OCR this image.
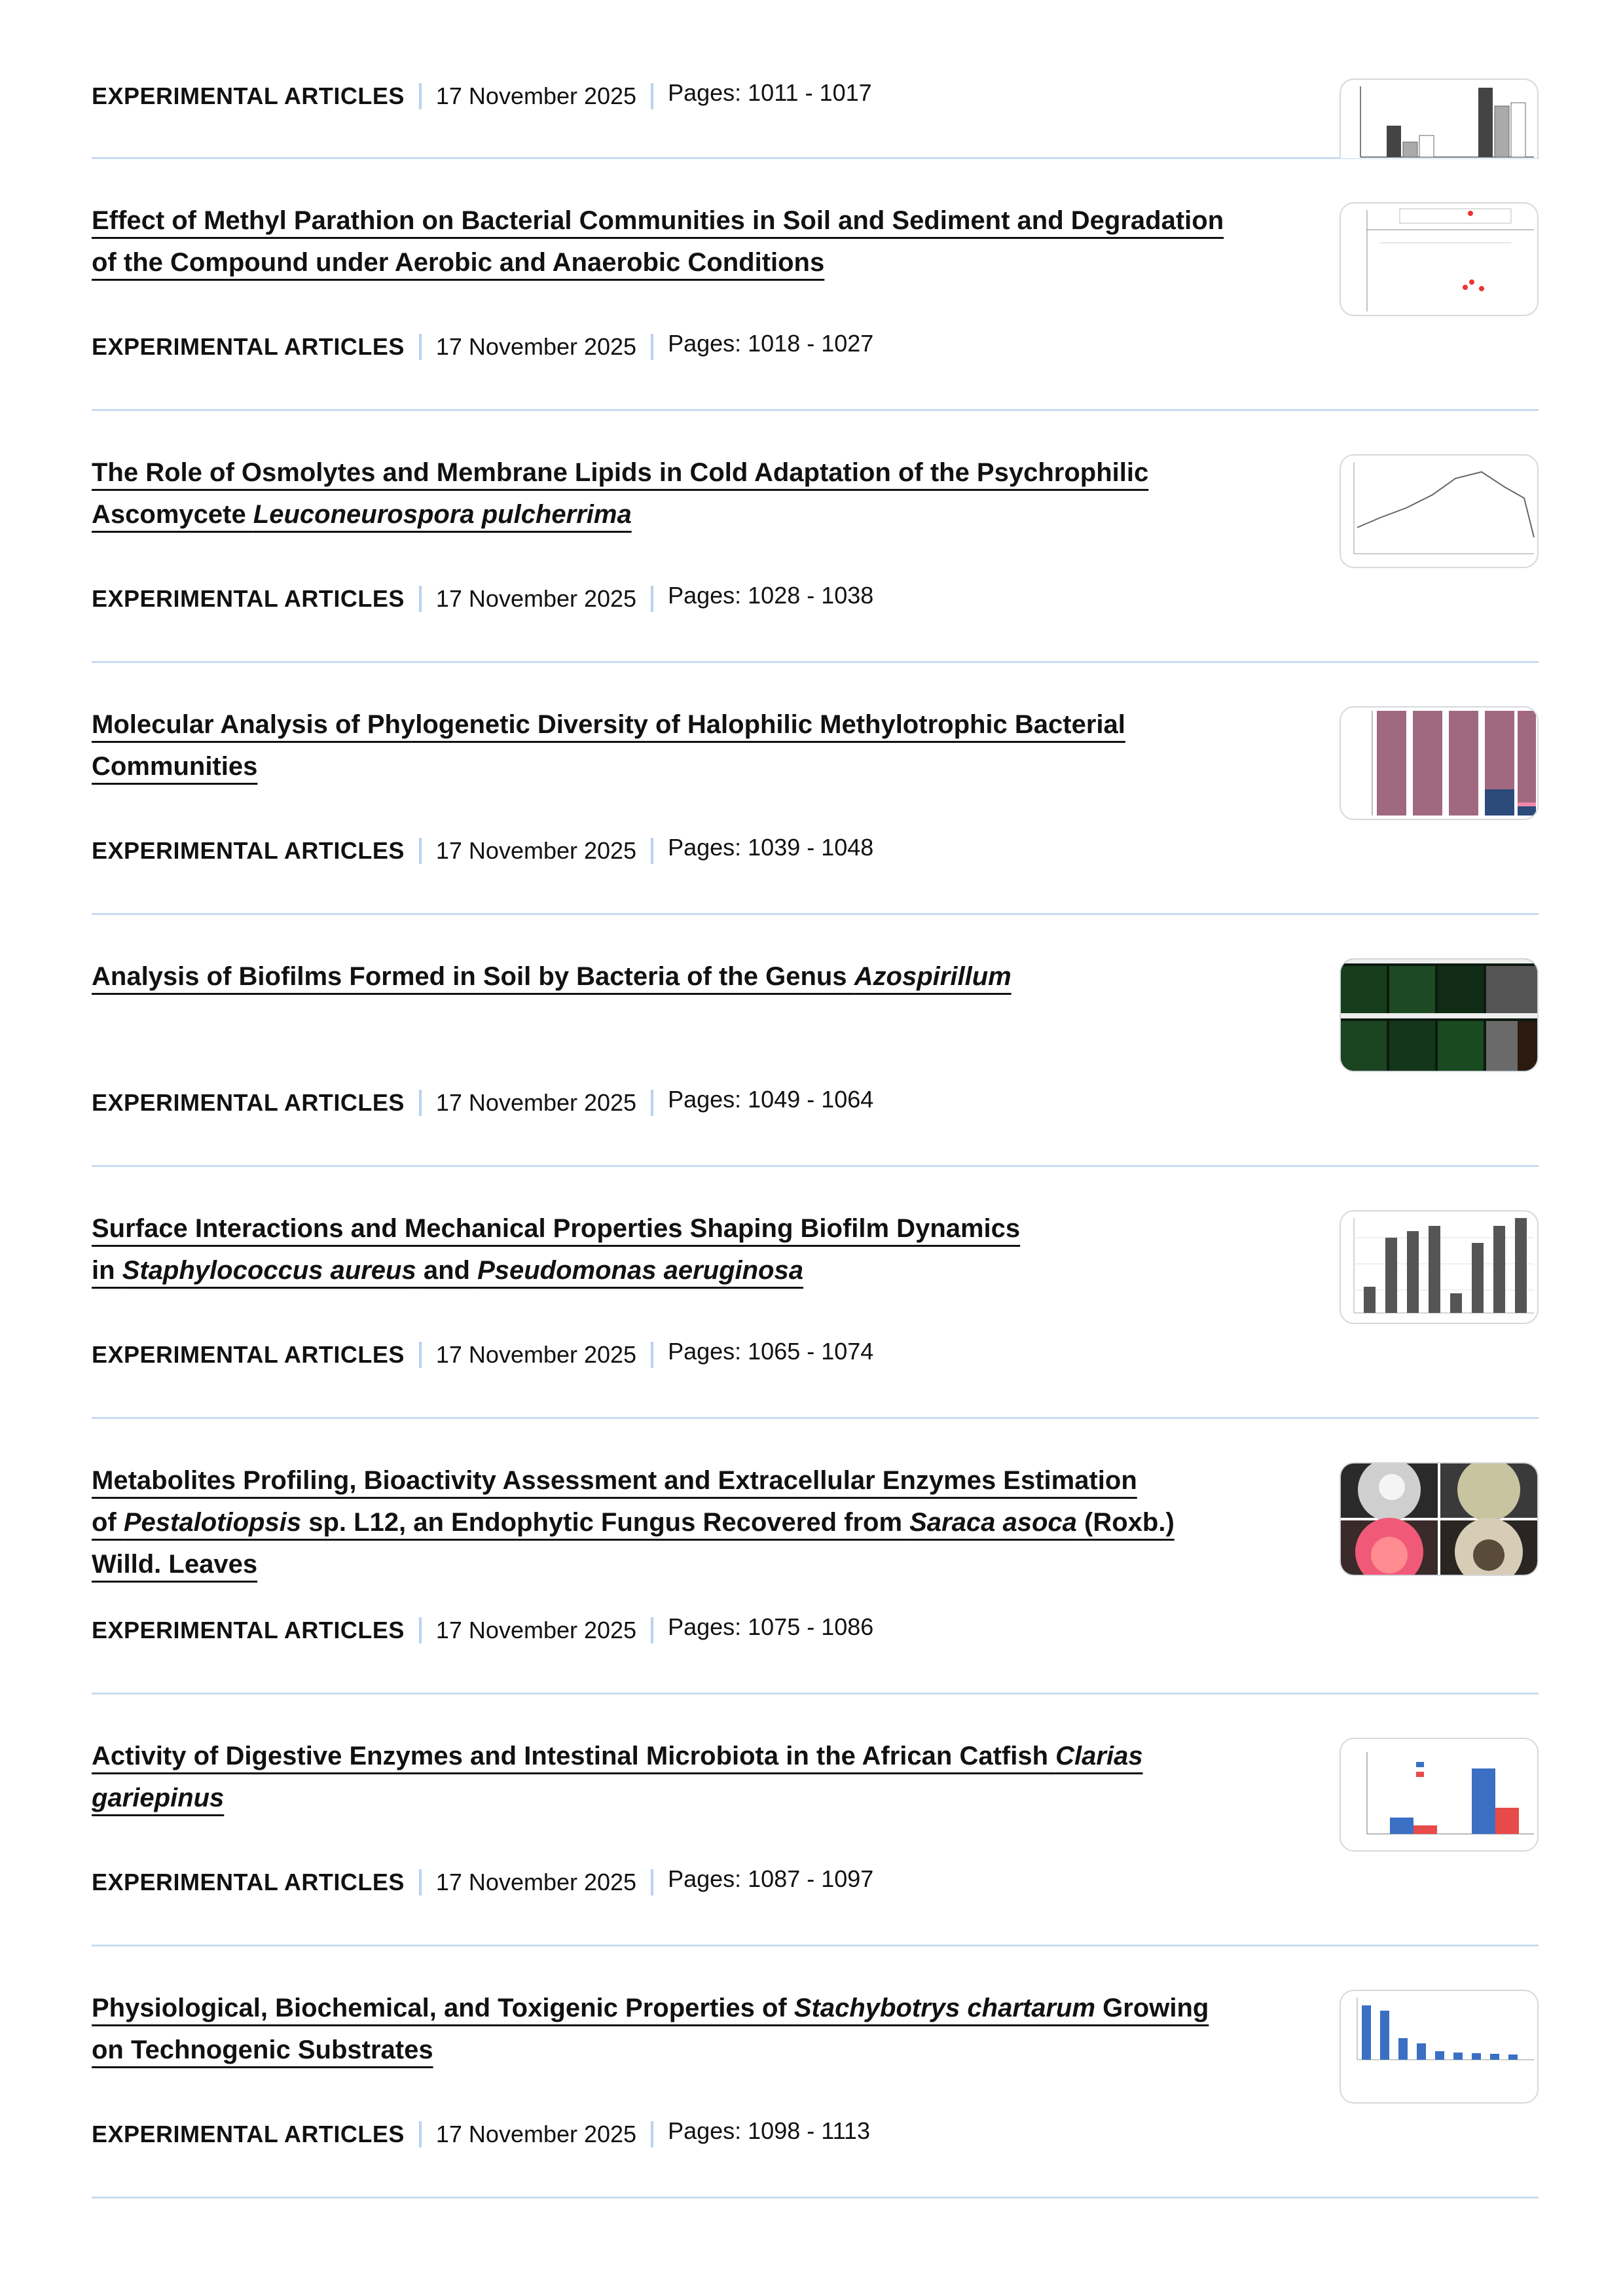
EXPERIMENTAL ARTICLES 17 November 2025 Pages: 1011 - 1017
Effect of Methyl Parathion on Bacterial Communities in Soil and Sediment and Degradation
of the Compound under Aerobic and Anaerobic Conditions
EXPERIMENTAL ARTICLES 17 November 2025 Pages: 1018 - 1027
The Role of Osmolytes and Membrane Lipids in Cold Adaptation of the Psychrophilic
Ascomycete Leuconeurospora pulcherrima
EXPERIMENTAL ARTICLES 17 November 2025 Pages: 1028 - 1038
Molecular Analysis of Phylogenetic Diversity of Halophilic Methylotrophic Bacterial
Communities
EXPERIMENTAL ARTICLES 17 November 2025 Pages: 1039 - 1048
Analysis of Biofilms Formed in Soil by Bacteria of the Genus Azospirillum
EXPERIMENTAL ARTICLES 17 November 2025 Pages: 1049 - 1064
Surface Interactions and Mechanical Properties Shaping Biofilm Dynamics
in Staphylococcus aureus and Pseudomonas aeruginosa
EXPERIMENTAL ARTICLES 17 November 2025 Pages: 1065 - 1074
Metabolites Profiling, Bioactivity Assessment and Extracellular Enzymes Estimation
of Pestalotiopsis sp. L12, an Endophytic Fungus Recovered from Saraca asoca (Roxb.)
Willd. Leaves
EXPERIMENTAL ARTICLES 17 November 2025 Pages: 1075 - 1086
Activity of Digestive Enzymes and Intestinal Microbiota in the African Catfish Clarias
gariepinus
EXPERIMENTAL ARTICLES 17 November 2025 Pages: 1087 - 1097
Physiological, Biochemical, and Toxigenic Properties of Stachybotrys chartarum Growing
on Technogenic Substrates
EXPERIMENTAL ARTICLES 17 November 2025 Pages: 1098 - 1113
